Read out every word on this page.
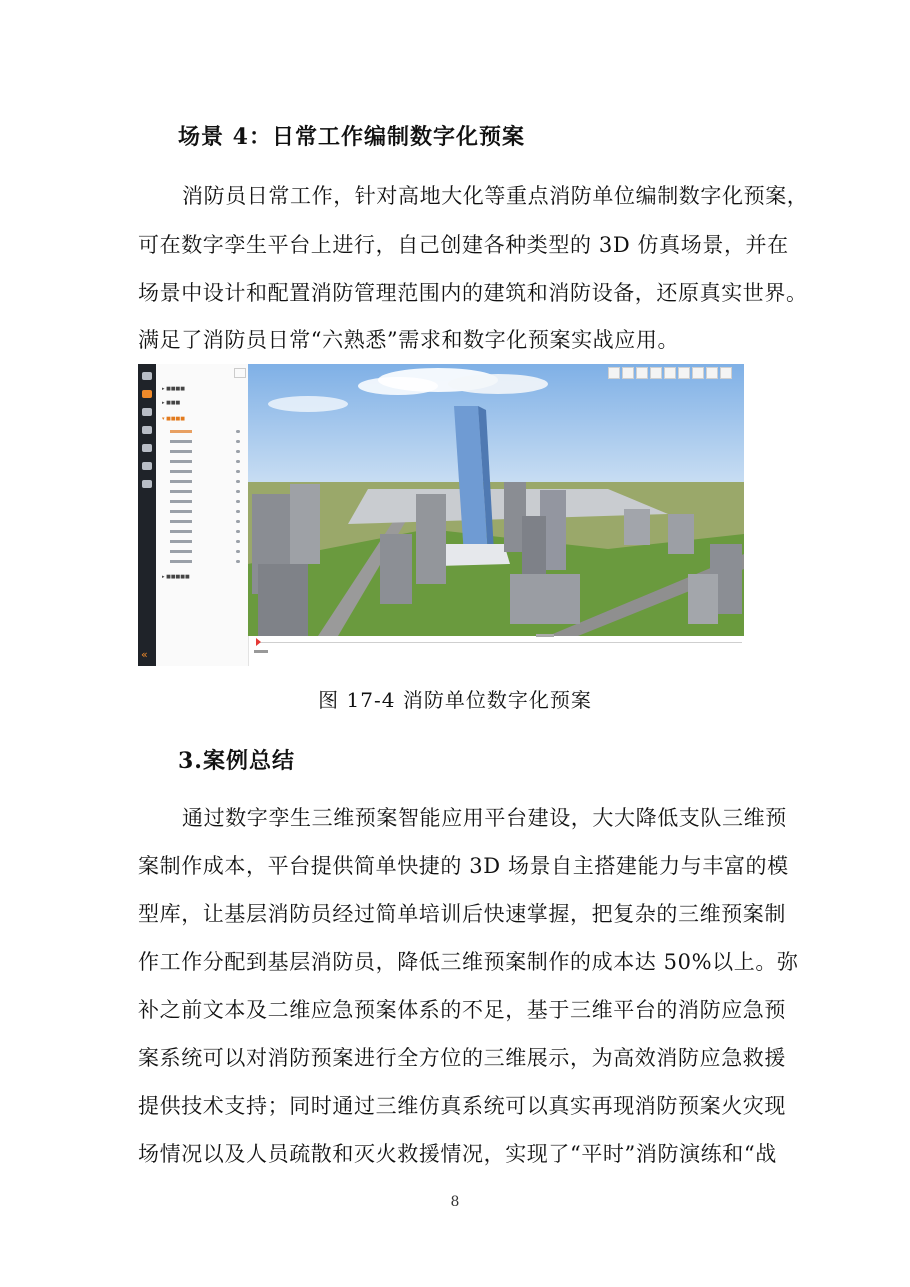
场景 4：日常工作编制数字化预案
消防员日常工作，针对高地大化等重点消防单位编制数字化预案，
可在数字孪生平台上进行，自己创建各种类型的 3D 仿真场景，并在
场景中设计和配置消防管理范围内的建筑和消防设备，还原真实世界。
满足了消防员日常“六熟悉”需求和数字化预案实战应用。
«
▸ ■■■■
▸ ■■■
▾ ■■■■
▸ ■■■■■
图 17-4 消防单位数字化预案
3.案例总结
通过数字孪生三维预案智能应用平台建设，大大降低支队三维预
案制作成本，平台提供简单快捷的 3D 场景自主搭建能力与丰富的模
型库，让基层消防员经过简单培训后快速掌握，把复杂的三维预案制
作工作分配到基层消防员，降低三维预案制作的成本达 50%以上。弥
补之前文本及二维应急预案体系的不足，基于三维平台的消防应急预
案系统可以对消防预案进行全方位的三维展示，为高效消防应急救援
提供技术支持；同时通过三维仿真系统可以真实再现消防预案火灾现
场情况以及人员疏散和灭火救援情况，实现了“平时”消防演练和“战
8
